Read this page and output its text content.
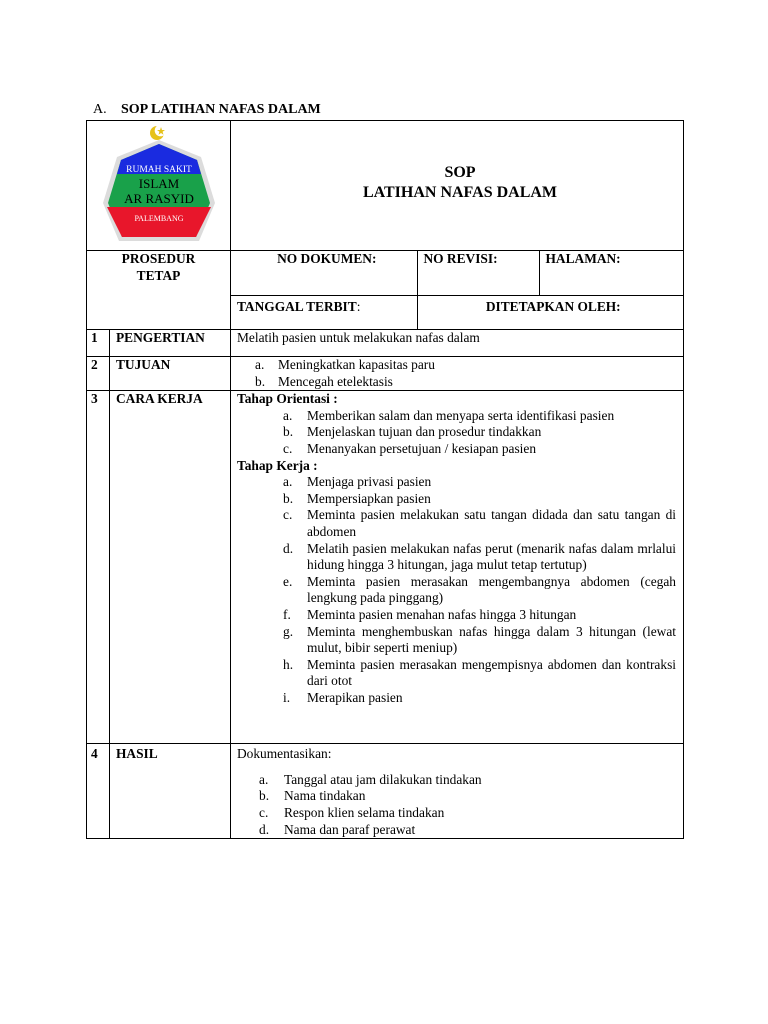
A. SOP LATIHAN NAFAS DALAM
RUMAH SAKIT
ISLAM
AR RASYID
PALEMBANG

SOP
LATIHAN NAFAS DALAM

PROSEDUR
TETAP

NO DOKUMEN:	NO REVISI:	HALAMAN:
TANGGAL TERBIT:	DITETAPKAN OLEH:

1	PENGERTIAN	Melatih pasien untuk melakukan nafas dalam
2	TUJUAN	a.	Meningkatkan kapasitas paru
b. Mencegah etelektasis

3	CARA KERJA	Tahap Orientasi :
a.	Memberikan salam dan menyapa serta identifikasi pasien
b.	Menjelaskan tujuan dan prosedur tindakkan
c.	Menanyakan persetujuan / kesiapan pasien
Tahap Kerja :
a.	Menjaga privasi pasien
b.	Mempersiapkan pasien
c.	Meminta pasien melakukan satu tangan didada dan satu tangan di abdomen
d.	Melatih pasien melakukan nafas perut (menarik nafas dalam mrlalui hidung hingga 3 hitungan, jaga mulut tetap tertutup)
e.	Meminta pasien merasakan mengembangnya abdomen (cegah lengkung pada pinggang)
f.	Meminta pasien menahan nafas hingga 3 hitungan
g.	Meminta menghembuskan nafas hingga dalam 3 hitungan (lewat mulut, bibir seperti meniup)
h.	Meminta pasien merasakan mengempisnya abdomen dan kontraksi dari otot
i.	Merapikan pasien

4	HASIL	Dokumentasikan:
a.	Tanggal atau jam dilakukan tindakan
b.	Nama tindakan
c.	Respon klien selama tindakan
d.	Nama dan paraf perawat
